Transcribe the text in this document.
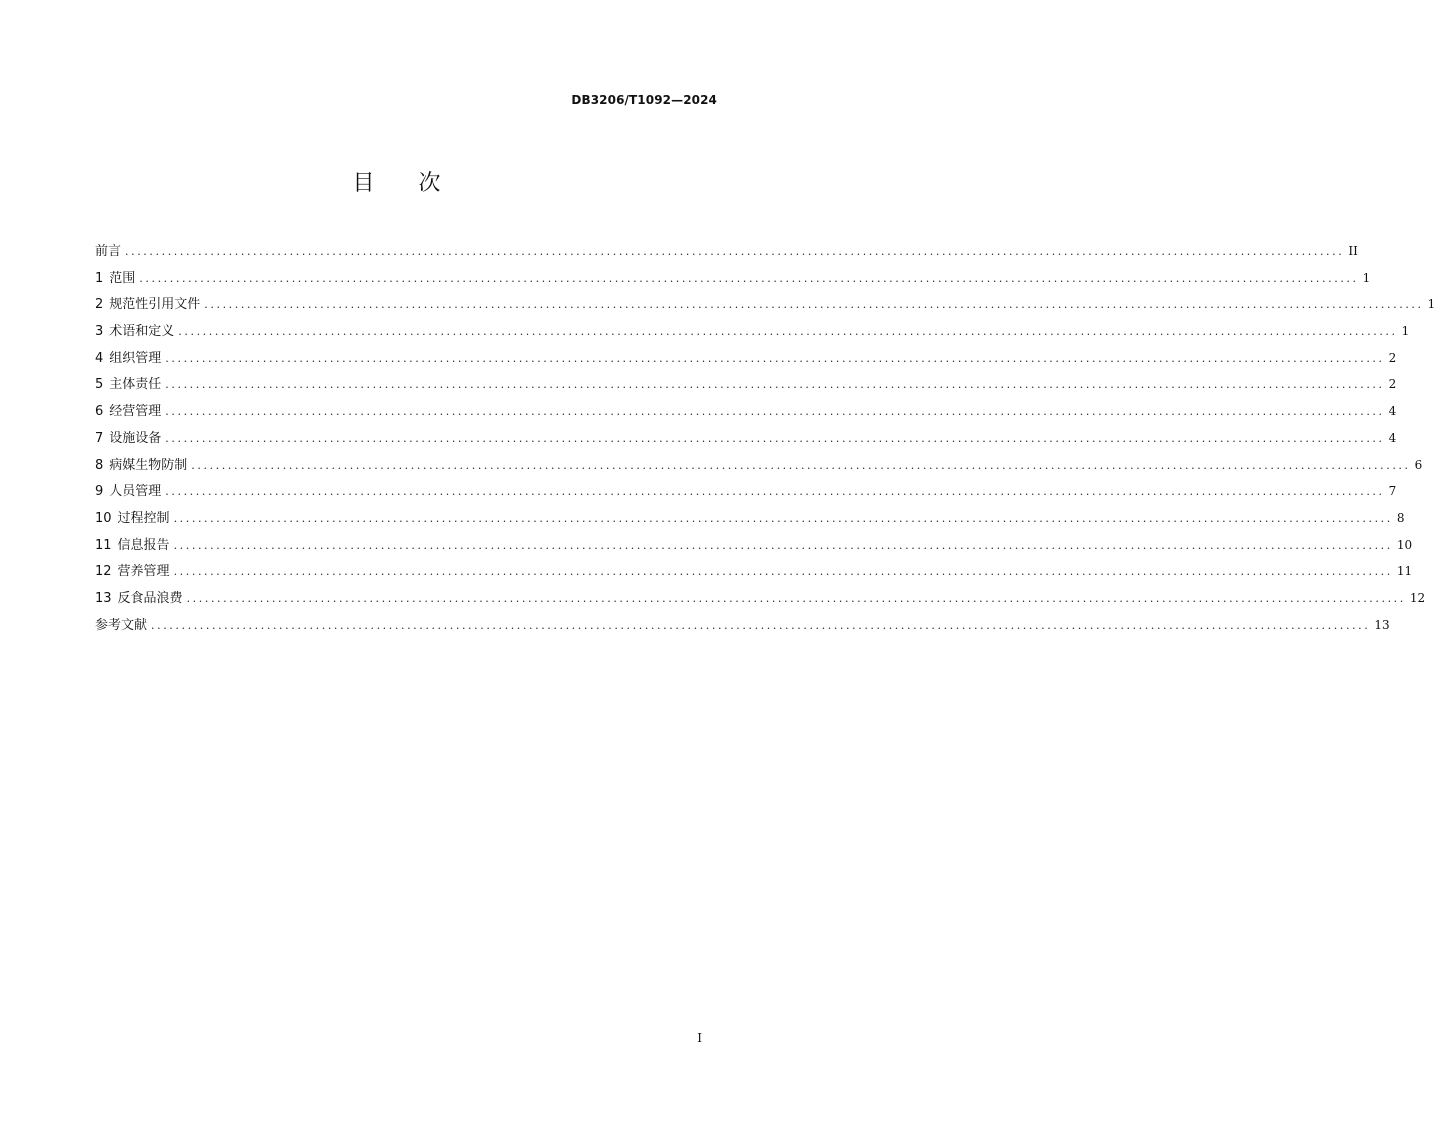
DB3206/T1092—2024
目 次
前言 ........................................................................................................................................................................................................ II
1 范围 ........................................................................................................................................................................................................ 1
2 规范性引用文件 ........................................................................................................................................................................................................ 1
3 术语和定义 ........................................................................................................................................................................................................ 1
4 组织管理 ........................................................................................................................................................................................................ 2
5 主体责任 ........................................................................................................................................................................................................ 2
6 经营管理 ........................................................................................................................................................................................................ 4
7 设施设备 ........................................................................................................................................................................................................ 4
8 病媒生物防制 ........................................................................................................................................................................................................ 6
9 人员管理 ........................................................................................................................................................................................................ 7
10 过程控制 ........................................................................................................................................................................................................ 8
11 信息报告 ........................................................................................................................................................................................................ 10
12 营养管理 ........................................................................................................................................................................................................ 11
13 反食品浪费 ........................................................................................................................................................................................................ 12
参考文献 ........................................................................................................................................................................................................ 13
I
